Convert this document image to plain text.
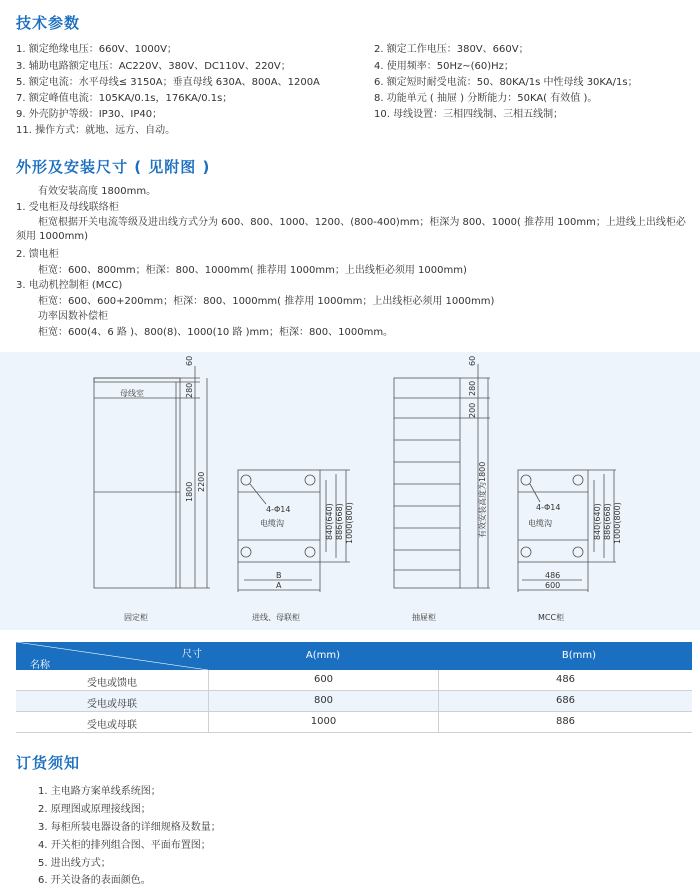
技术参数
1. 额定绝缘电压：660V、1000V；
3. 辅助电路额定电压：AC220V、380V、DC110V、220V；
5. 额定电流：水平母线≤ 3150A；垂直母线 630A、800A、1200A
7. 额定峰值电流：105KA/0.1s，176KA/0.1s；
9. 外壳防护等级：IP30、IP40；
11. 操作方式：就地、远方、自动。
2. 额定工作电压：380V、660V；
4. 使用频率：50Hz~(60)Hz；
6. 额定短时耐受电流：50、80KA/1s 中性母线 30KA/1s；
8. 功能单元 ( 抽屉 ) 分断能力：50KA( 有效值 )。
10. 母线设置：三相四线制、三相五线制；
外形及安装尺寸 ( 见附图 )
有效安装高度 1800mm。
1. 受电柜及母线联络柜
柜宽根据开关电流等级及进出线方式分为 600、800、1000、1200、(800-400)mm；柜深为 800、1000( 推荐用 100mm；上进线上出线柜必须用 1000mm)
2. 馈电柜
柜宽：600、800mm；柜深：800、1000mm( 推荐用 1000mm；上出线柜必须用 1000mm)
3. 电动机控制柜 (MCC)
柜宽：600、600+200mm；柜深：800、1000mm( 推荐用 1000mm；上出线柜必须用 1000mm)
功率因数补偿柜
柜宽：600(4、6 路 )、800(8)、1000(10 路 )mm；柜深：800、1000mm。
母线室
60
280
1800 2200
固定柜
4-Φ14
电缆沟	840(640) 886(668) 1000(800)
B
A
进线、母联柜
60
280
200
有效安装高度为1800
抽屉柜
4-Φ14
电缆沟	840(640) 886(668) 1000(800)
486
600
MCC柜
尺寸
名称
A(mm)	B(mm)
受电或馈电	600	486
受电或母联	800	686
受电或母联	1000	886
订货须知
1. 主电路方案单线系统图；
2. 原理图或原理接线图；
3. 每柜所装电器设备的详细规格及数量；
4. 开关柜的排列组合图、平面布置图；
5. 进出线方式；
6. 开关设备的表面颜色。
